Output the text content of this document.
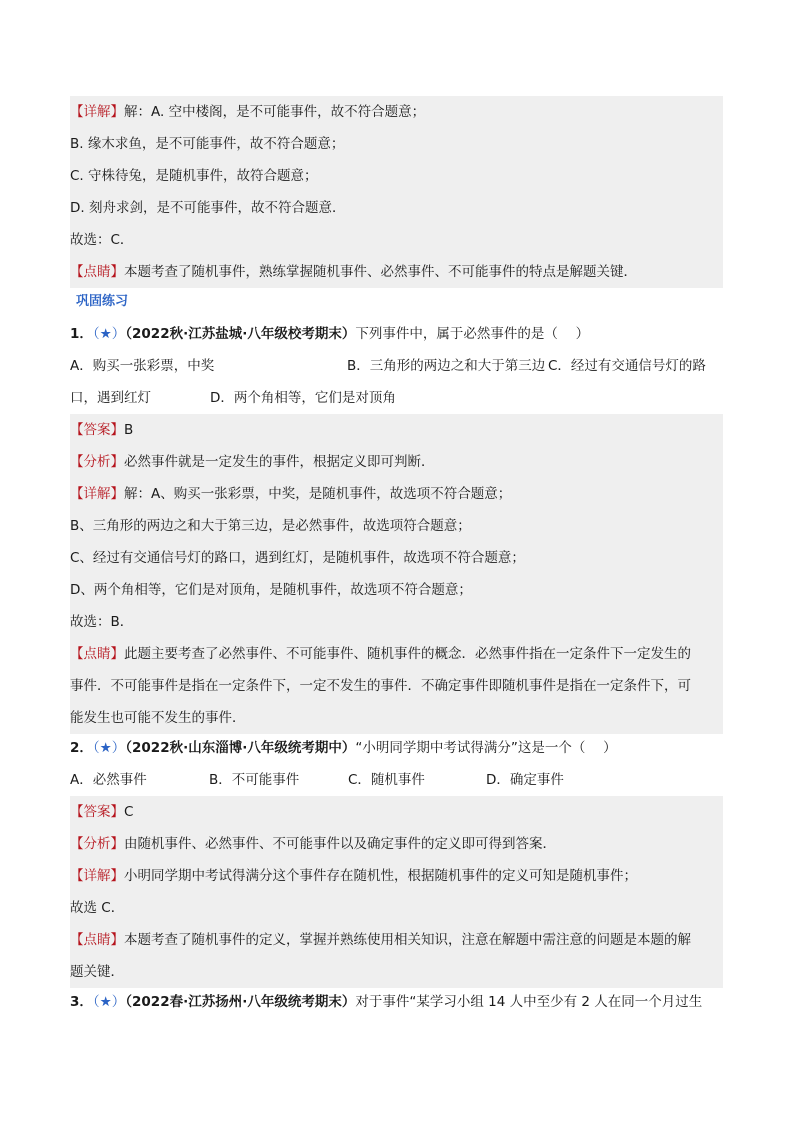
【详解】解：A. 空中楼阁，是不可能事件，故不符合题意；
B. 缘木求鱼，是不可能事件，故不符合题意；
C. 守株待兔，是随机事件，故符合题意；
D. 刻舟求剑，是不可能事件，故不符合题意．
故选：C．
【点睛】本题考查了随机事件，熟练掌握随机事件、必然事件、不可能事件的特点是解题关键．
巩固练习
1．（★）（2022秋·江苏盐城·八年级校考期末）下列事件中，属于必然事件的是（　 ）
A．购买一张彩票，中奖	B．三角形的两边之和大于第三边 C．经过有交通信号灯的路
口，遇到红灯	D．两个角相等，它们是对顶角
【答案】B
【分析】必然事件就是一定发生的事件，根据定义即可判断．
【详解】解：A、购买一张彩票，中奖，是随机事件，故选项不符合题意；
B、三角形的两边之和大于第三边，是必然事件，故选项符合题意；
C、经过有交通信号灯的路口，遇到红灯，是随机事件，故选项不符合题意；
D、两个角相等，它们是对顶角，是随机事件，故选项不符合题意；
故选：B．
【点睛】此题主要考查了必然事件、不可能事件、随机事件的概念．必然事件指在一定条件下一定发生的
事件．不可能事件是指在一定条件下，一定不发生的事件．不确定事件即随机事件是指在一定条件下，可
能发生也可能不发生的事件．
2．（★）（2022秋·山东淄博·八年级统考期中）“小明同学期中考试得满分”这是一个（　 ）
A．必然事件	B．不可能事件	C．随机事件	D．确定事件
【答案】C
【分析】由随机事件、必然事件、不可能事件以及确定事件的定义即可得到答案．
【详解】小明同学期中考试得满分这个事件存在随机性，根据随机事件的定义可知是随机事件；
故选 C．
【点睛】本题考查了随机事件的定义，掌握并熟练使用相关知识，注意在解题中需注意的问题是本题的解
题关键．
3．（★）（2022春·江苏扬州·八年级统考期末）对于事件“某学习小组 14 人中至少有 2 人在同一个月过生
